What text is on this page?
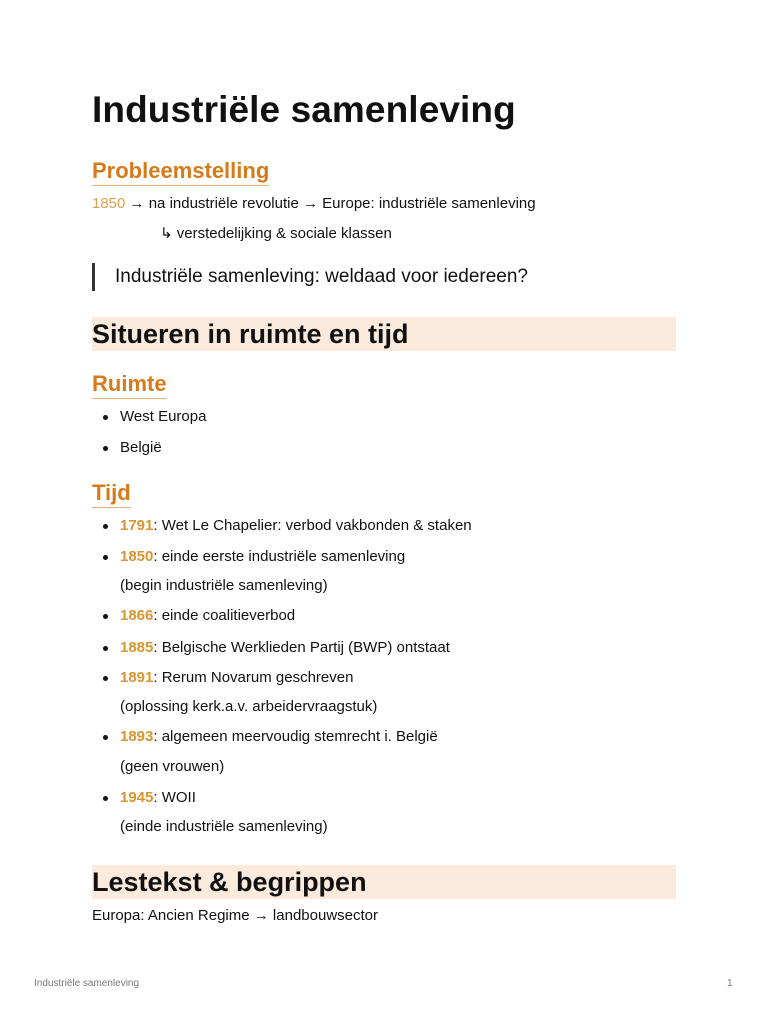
Industriële samenleving
Probleemstelling
1850 → na industriële revolutie → Europe: industriële samenleving
↳ verstedelijking & sociale klassen
Industriële samenleving: weldaad voor iedereen?
Situeren in ruimte en tijd
Ruimte
West Europa
België
Tijd
1791: Wet Le Chapelier: verbod vakbonden & staken
1850: einde eerste industriële samenleving
(begin industriële samenleving)
1866: einde coalitieverbod
1885: Belgische Werklieden Partij (BWP) ontstaat
1891: Rerum Novarum geschreven
(oplossing kerk.a.v. arbeidervraagstuk)
1893: algemeen meervoudig stemrecht i. België
(geen vrouwen)
1945: WOII
(einde industriële samenleving)
Lestekst & begrippen
Europa: Ancien Regime → landbouwsector
Industriële samenleving	1
